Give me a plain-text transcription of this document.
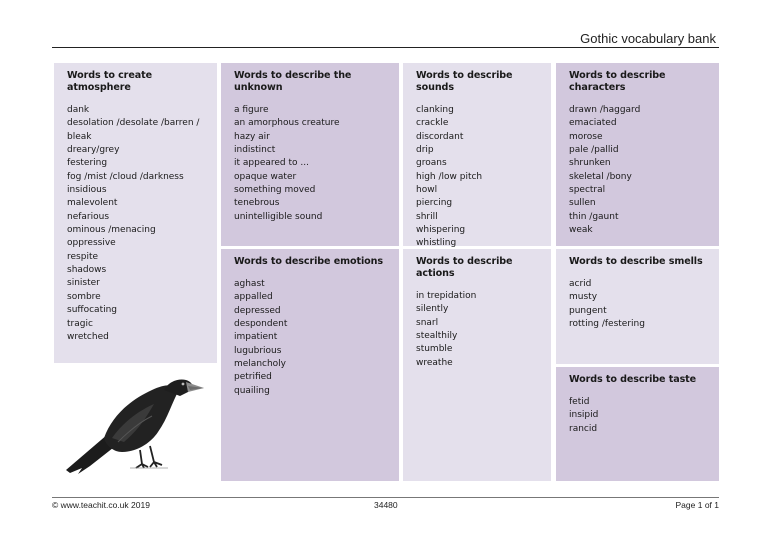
Gothic vocabulary bank
Words to create atmosphere
dank
desolation /desolate /barren /
bleak
dreary/grey
festering
fog /mist /cloud /darkness
insidious
malevolent
nefarious
ominous /menacing
oppressive
respite
shadows
sinister
sombre
suffocating
tragic
wretched
Words to describe the unknown
a figure
an amorphous creature
hazy air
indistinct
it appeared to ...
opaque water
something moved
tenebrous
unintelligible sound
Words to describe sounds
clanking
crackle
discordant
drip
groans
high /low pitch
howl
piercing
shrill
whispering
whistling
Words to describe characters
drawn /haggard
emaciated
morose
pale /pallid
shrunken
skeletal /bony
spectral
sullen
thin /gaunt
weak
Words to describe emotions
aghast
appalled
depressed
despondent
impatient
lugubrious
melancholy
petrified
quailing
Words to describe actions
in trepidation
silently
snarl
stealthily
stumble
wreathe
Words to describe smells
acrid
musty
pungent
rotting /festering
Words to describe taste
fetid
insipid
rancid
© www.teachit.co.uk 2019	34480	Page 1 of 1
